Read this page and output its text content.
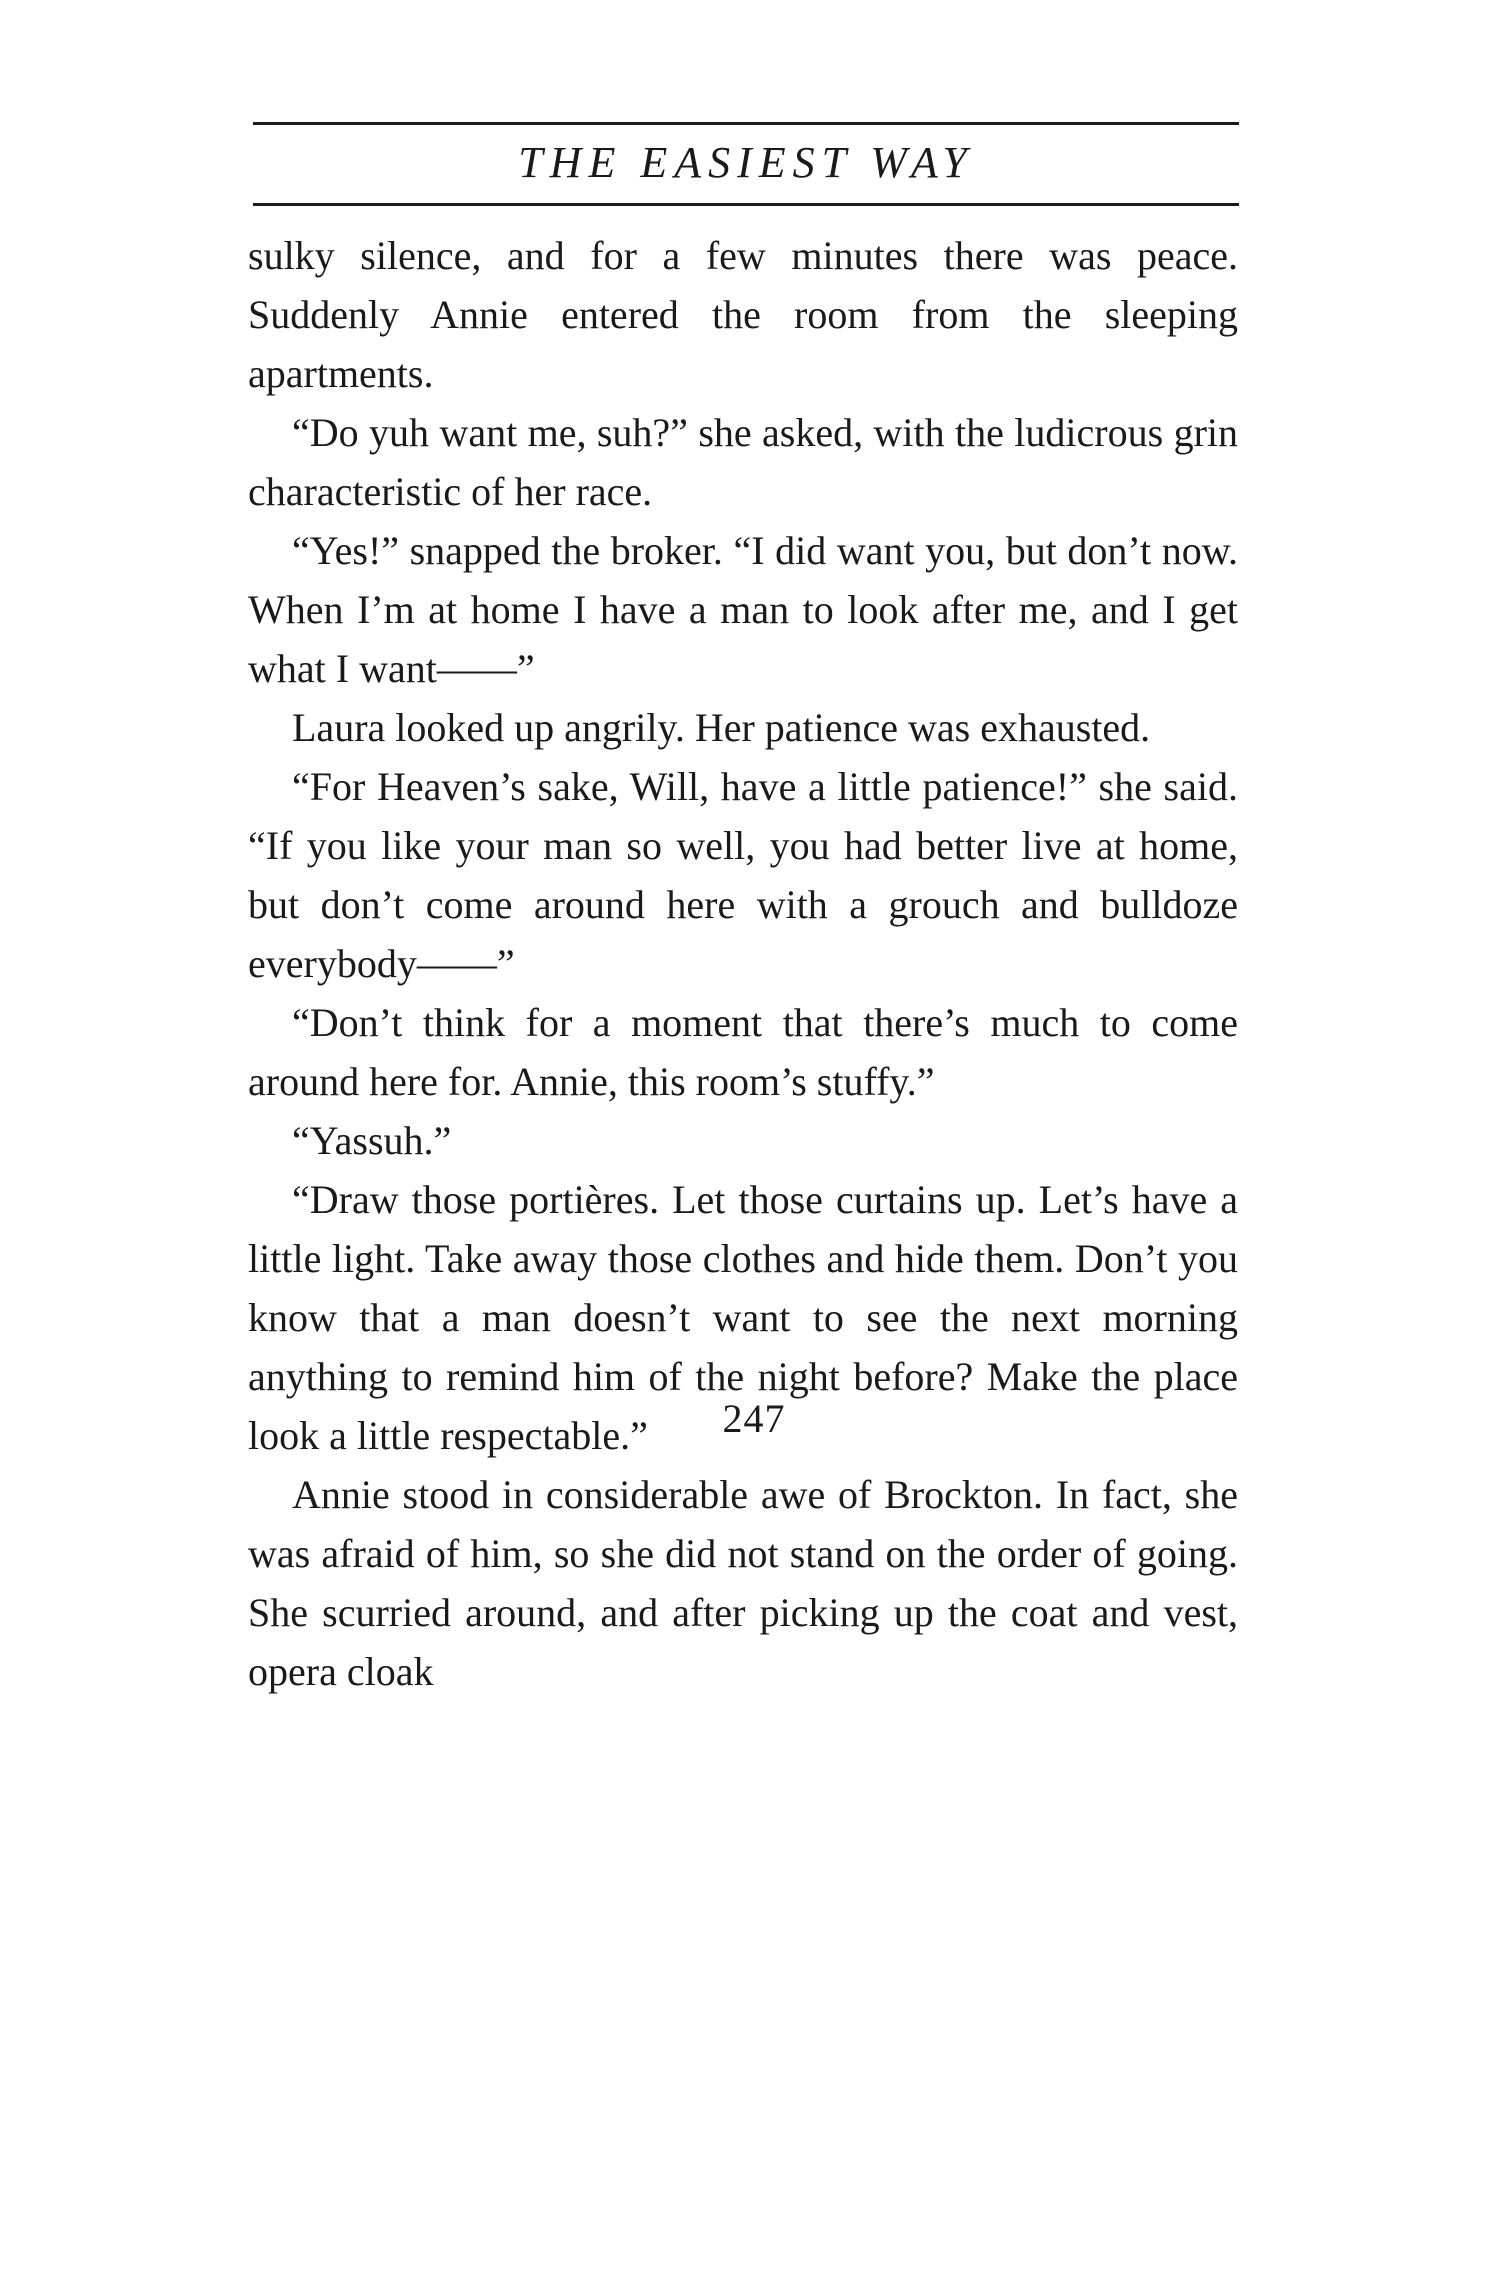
THE EASIEST WAY

sulky silence, and for a few minutes there was peace. Suddenly Annie entered the room from the sleeping apartments.

“Do yuh want me, suh?” she asked, with the ludicrous grin characteristic of her race.

“Yes!” snapped the broker. “I did want you, but don’t now. When I’m at home I have a man to look after me, and I get what I want——”

Laura looked up angrily. Her patience was exhausted.

“For Heaven’s sake, Will, have a little patience!” she said. “If you like your man so well, you had better live at home, but don’t come around here with a grouch and bulldoze everybody——”

“Don’t think for a moment that there’s much to come around here for. Annie, this room’s stuffy.”

“Yassuh.”

“Draw those portières. Let those curtains up. Let’s have a little light. Take away those clothes and hide them. Don’t you know that a man doesn’t want to see the next morning anything to remind him of the night before? Make the place look a little respectable.”

Annie stood in considerable awe of Brockton. In fact, she was afraid of him, so she did not stand on the order of going. She scurried around, and after picking up the coat and vest, opera cloak

247
